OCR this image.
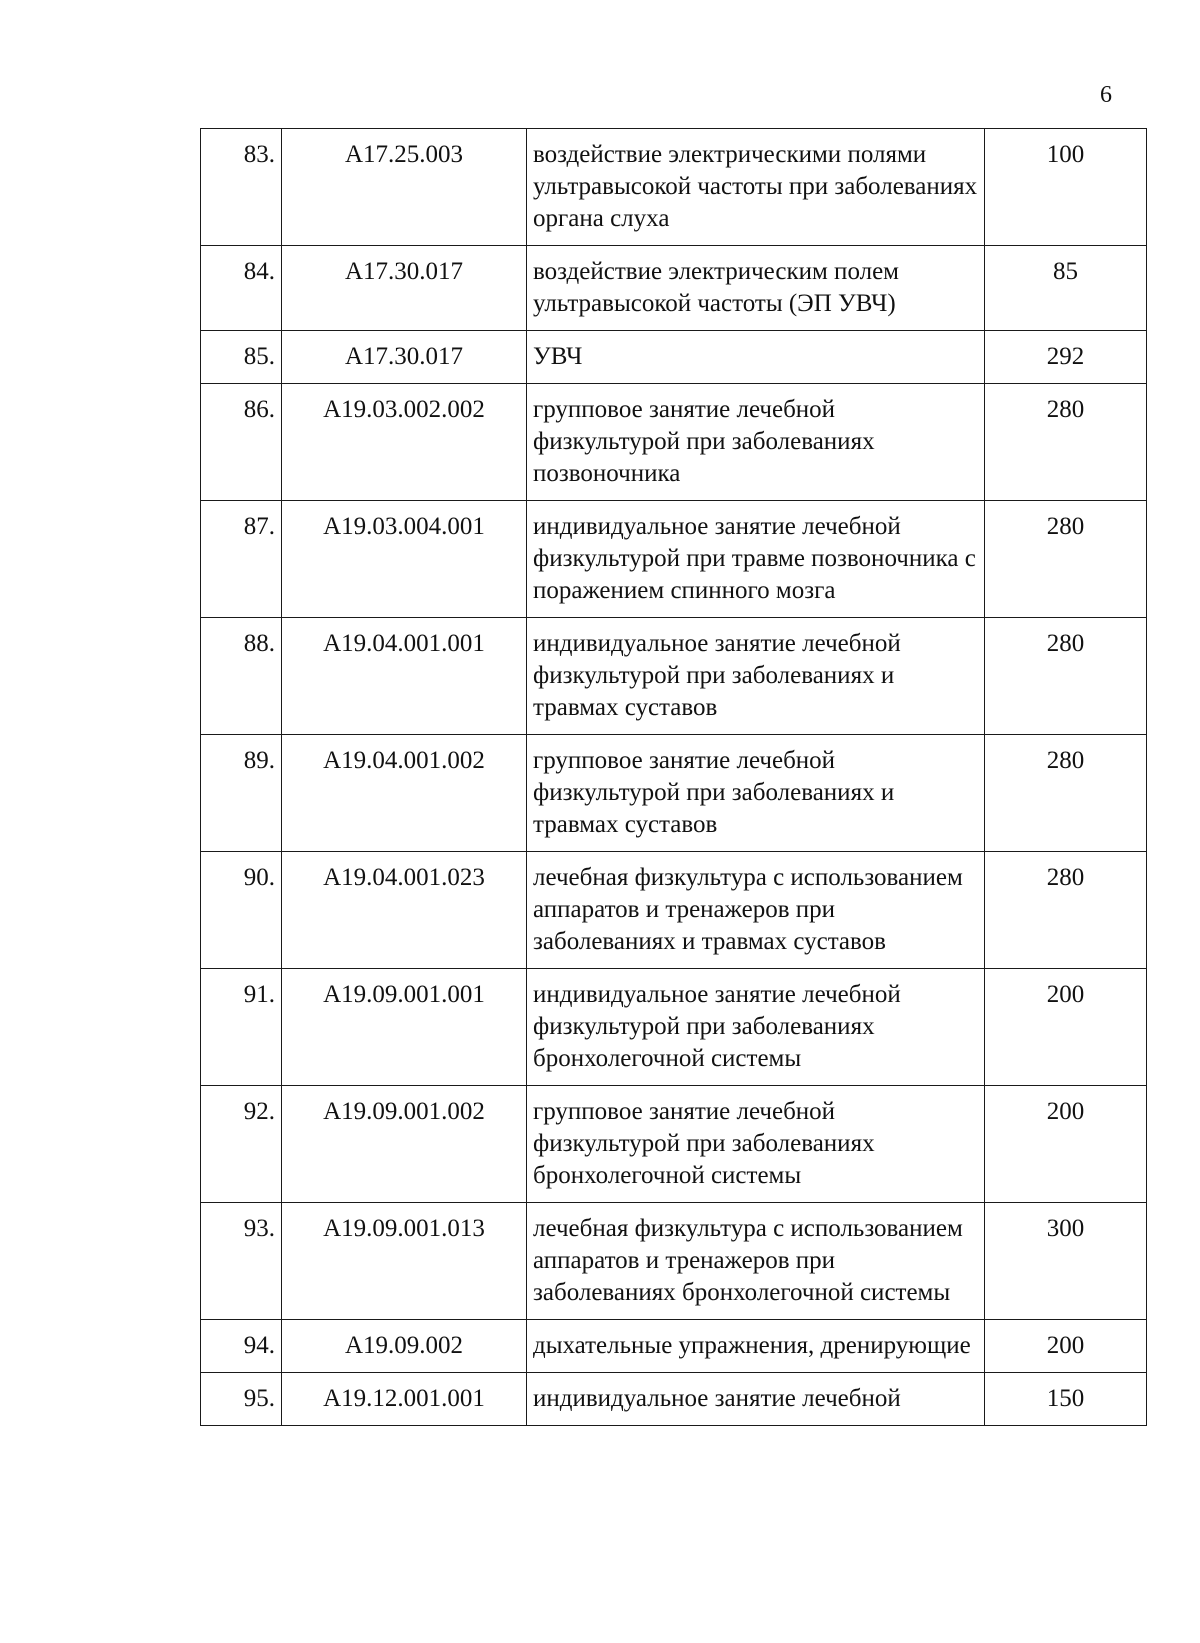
6
83.	A17.25.003	воздействие электрическими полями ультравысокой частоты при заболеваниях органа слуха	100
84.	A17.30.017	воздействие электрическим полем ультравысокой частоты (ЭП УВЧ)	85
85.	A17.30.017	УВЧ	292
86.	A19.03.002.002	групповое занятие лечебной физкультурой при заболеваниях позвоночника	280
87.	A19.03.004.001	индивидуальное занятие лечебной физкультурой при травме позвоночника с поражением спинного мозга	280
88.	A19.04.001.001	индивидуальное занятие лечебной физкультурой при заболеваниях и травмах суставов	280
89.	A19.04.001.002	групповое занятие лечебной физкультурой при заболеваниях и травмах суставов	280
90.	A19.04.001.023	лечебная физкультура с использованием аппаратов и тренажеров при заболеваниях и травмах суставов	280
91.	A19.09.001.001	индивидуальное занятие лечебной физкультурой при заболеваниях бронхолегочной системы	200
92.	A19.09.001.002	групповое занятие лечебной физкультурой при заболеваниях бронхолегочной системы	200
93.	A19.09.001.013	лечебная физкультура с использованием аппаратов и тренажеров при заболеваниях бронхолегочной системы	300
94.	A19.09.002	дыхательные упражнения, дренирующие	200
95.	A19.12.001.001	индивидуальное занятие лечебной	150
